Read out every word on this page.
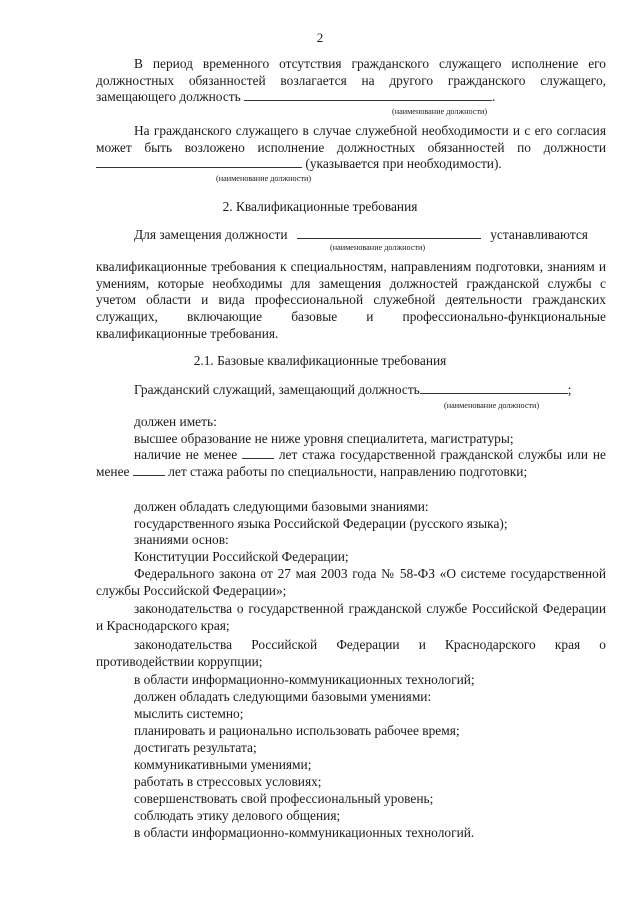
2
В период временного отсутствия гражданского служащего исполнение его должностных обязанностей возлагается на другого гражданского служащего, замещающего должность	.
(наименование должности)
На гражданского служащего в случае служебной необходимости и с его согласия может быть возложено исполнение должностных обязанностей по должности  (указывается при необходимости).
(наименование должности)
2. Квалификационные требования
Для замещения должности	устанавливаются
(наименование должности)
квалификационные требования к специальностям, направлениям подготовки, знаниям и умениям, которые необходимы для замещения должностей гражданской службы с учетом области и вида профессиональной служебной деятельности гражданских служащих, включающие базовые и профессионально-функциональные квалификационные требования.
2.1. Базовые квалификационные требования
Гражданский служащий, замещающий должность	;
(наименование должности)
должен иметь:
высшее образование не ниже уровня специалитета, магистратуры;
наличие не менее	лет стажа государственной гражданской службы или не менее	лет стажа работы по специальности, направлению подготовки;
должен обладать следующими базовыми знаниями:
государственного языка Российской Федерации (русского языка);
знаниями основ:
Конституции Российской Федерации;
Федерального закона от 27 мая 2003 года № 58-ФЗ «О системе государственной службы Российской Федерации»;
законодательства о государственной гражданской службе Российской Федерации и Краснодарского края;
законодательства Российской Федерации и Краснодарского края о противодействии коррупции;
в области информационно-коммуникационных технологий;
должен обладать следующими базовыми умениями:
мыслить системно;
планировать и рационально использовать рабочее время;
достигать результата;
коммуникативными умениями;
работать в стрессовых условиях;
совершенствовать свой профессиональный уровень;
соблюдать этику делового общения;
в области информационно-коммуникационных технологий.
